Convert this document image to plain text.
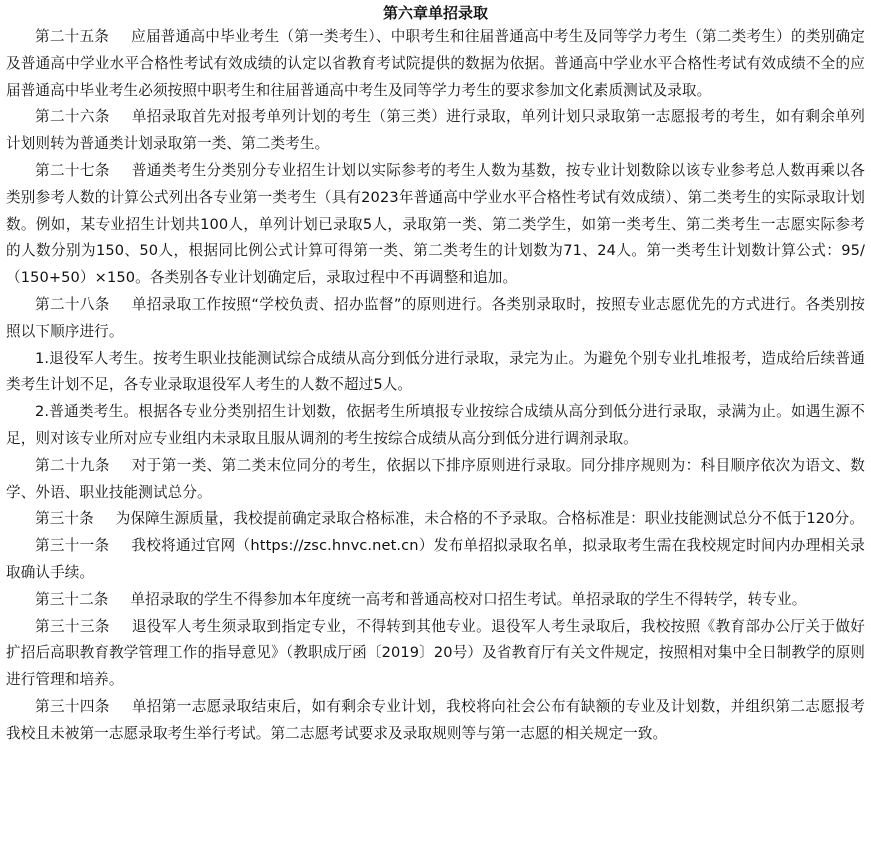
第六章单招录取

第二十五条 应届普通高中毕业考生（第一类考生）、中职考生和往届普通高中考生及同等学力考生（第二类考生）的类别确定及普通高中学业水平合格性考试有效成绩的认定以省教育考试院提供的数据为依据。普通高中学业水平合格性考试有效成绩不全的应届普通高中毕业考生必须按照中职考生和往届普通高中考生及同等学力考生的要求参加文化素质测试及录取。

第二十六条 单招录取首先对报考单列计划的考生（第三类）进行录取，单列计划只录取第一志愿报考的考生，如有剩余单列计划则转为普通类计划录取第一类、第二类考生。

第二十七条 普通类考生分类别分专业招生计划以实际参考的考生人数为基数，按专业计划数除以该专业参考总人数再乘以各类别参考人数的计算公式列出各专业第一类考生（具有2023年普通高中学业水平合格性考试有效成绩）、第二类考生的实际录取计划数。例如，某专业招生计划共100人，单列计划已录取5人，录取第一类、第二类学生，如第一类考生、第二类考生一志愿实际参考的人数分别为150、50人，根据同比例公式计算可得第一类、第二类考生的计划数为71、24人。第一类考生计划数计算公式：95/（150+50）×150。各类别各专业计划确定后，录取过程中不再调整和追加。

第二十八条 单招录取工作按照“学校负责、招办监督”的原则进行。各类别录取时，按照专业志愿优先的方式进行。各类别按照以下顺序进行。

1.退役军人考生。按考生职业技能测试综合成绩从高分到低分进行录取，录完为止。为避免个别专业扎堆报考，造成给后续普通类考生计划不足，各专业录取退役军人考生的人数不超过5人。

2.普通类考生。根据各专业分类别招生计划数，依据考生所填报专业按综合成绩从高分到低分进行录取，录满为止。如遇生源不足，则对该专业所对应专业组内未录取且服从调剂的考生按综合成绩从高分到低分进行调剂录取。

第二十九条 对于第一类、第二类末位同分的考生，依据以下排序原则进行录取。同分排序规则为：科目顺序依次为语文、数学、外语、职业技能测试总分。

第三十条 为保障生源质量，我校提前确定录取合格标准，未合格的不予录取。合格标准是：职业技能测试总分不低于120分。

第三十一条 我校将通过官网（https://zsc.hnvc.net.cn）发布单招拟录取名单，拟录取考生需在我校规定时间内办理相关录取确认手续。

第三十二条 单招录取的学生不得参加本年度统一高考和普通高校对口招生考试。单招录取的学生不得转学，转专业。

第三十三条 退役军人考生须录取到指定专业，不得转到其他专业。退役军人考生录取后，我校按照《教育部办公厅关于做好扩招后高职教育教学管理工作的指导意见》（教职成厅函〔2019〕20号）及省教育厅有关文件规定，按照相对集中全日制教学的原则进行管理和培养。

第三十四条 单招第一志愿录取结束后，如有剩余专业计划，我校将向社会公布有缺额的专业及计划数，并组织第二志愿报考我校且未被第一志愿录取考生举行考试。第二志愿考试要求及录取规则等与第一志愿的相关规定一致。
